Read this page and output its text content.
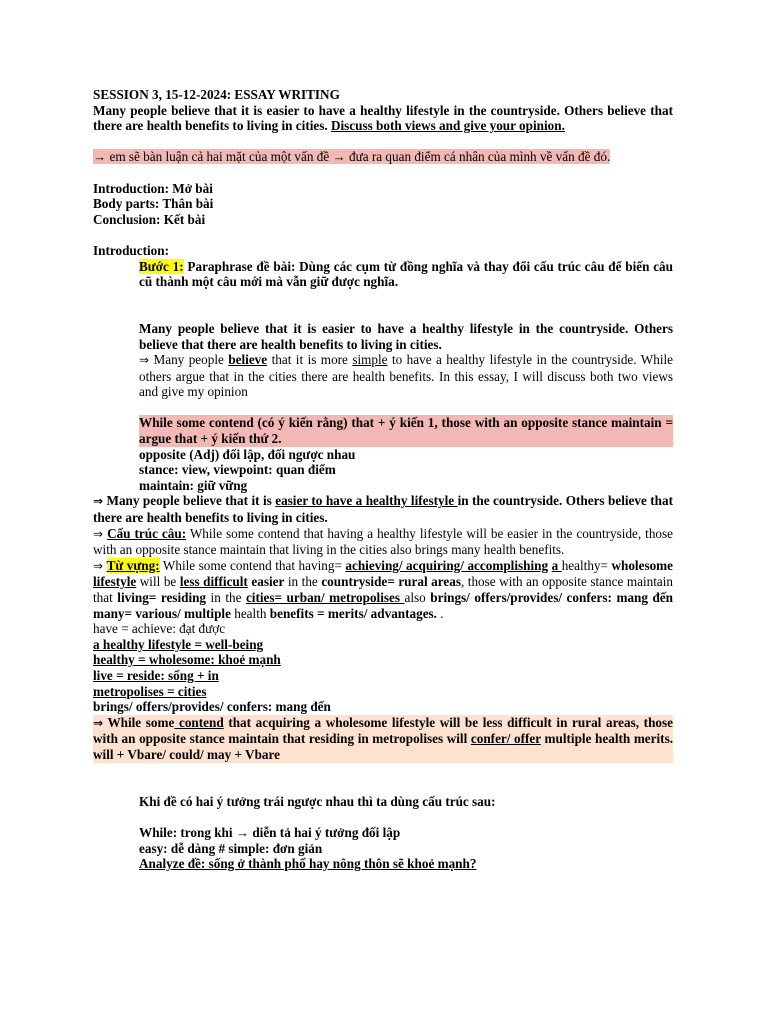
SESSION 3, 15-12-2024: ESSAY WRITING

Many people believe that it is easier to have a healthy lifestyle in the countryside. Others believe that there are health benefits to living in cities. Discuss both views and give your opinion.

→ em sẽ bàn luận cả hai mặt của một vấn đề → đưa ra quan điểm cá nhân của mình về vấn đề đó.

Introduction: Mở bài

Body parts: Thân bài

Conclusion: Kết bài

Introduction:

Bước 1: Paraphrase đề bài: Dùng các cụm từ đồng nghĩa và thay đổi cấu trúc câu để biến câu cũ thành một câu mới mà vẫn giữ được nghĩa.

Many people believe that it is easier to have a healthy lifestyle in the countryside. Others believe that there are health benefits to living in cities.

⇒ Many people believe that it is more simple to have a healthy lifestyle in the countryside. While others argue that in the cities there are health benefits. In this essay, I will discuss both two views and give my opinion

While some contend (có ý kiến rằng) that + ý kiến 1, those with an opposite stance maintain = argue that + ý kiến thứ 2.

opposite (Adj) đối lập, đối ngược nhau

stance: view, viewpoint: quan điểm

maintain: giữ vững

⇒ Many people believe that it is easier to have a healthy lifestyle in the countryside. Others believe that there are health benefits to living in cities.

⇒ Cấu trúc câu: While some contend that having a healthy lifestyle will be easier in the countryside, those with an opposite stance maintain that living in the cities also brings many health benefits.

⇒ Từ vựng: While some contend that having= achieving/ acquiring/ accomplishing a healthy= wholesome lifestyle will be less difficult easier in the countryside= rural areas, those with an opposite stance maintain that living= residing in the cities= urban/ metropolises also brings/ offers/provides/ confers: mang đến many= various/ multiple health benefits = merits/ advantages. .

have = achieve: đạt được

a healthy lifestyle = well-being

healthy = wholesome: khoẻ mạnh

live = reside: sống + in

metropolises = cities

brings/ offers/provides/ confers: mang đến

⇒ While some contend that acquiring a wholesome lifestyle will be less difficult in rural areas, those with an opposite stance maintain that residing in metropolises will confer/ offer multiple health merits. will + Vbare/ could/ may + Vbare

Khi đề có hai ý tưởng trái ngược nhau thì ta dùng cấu trúc sau:

While: trong khi → diễn tả hai ý tưởng đối lập

easy: dễ dàng # simple: đơn giản

Analyze đề: sống ở thành phố hay nông thôn sẽ khoẻ mạnh?
